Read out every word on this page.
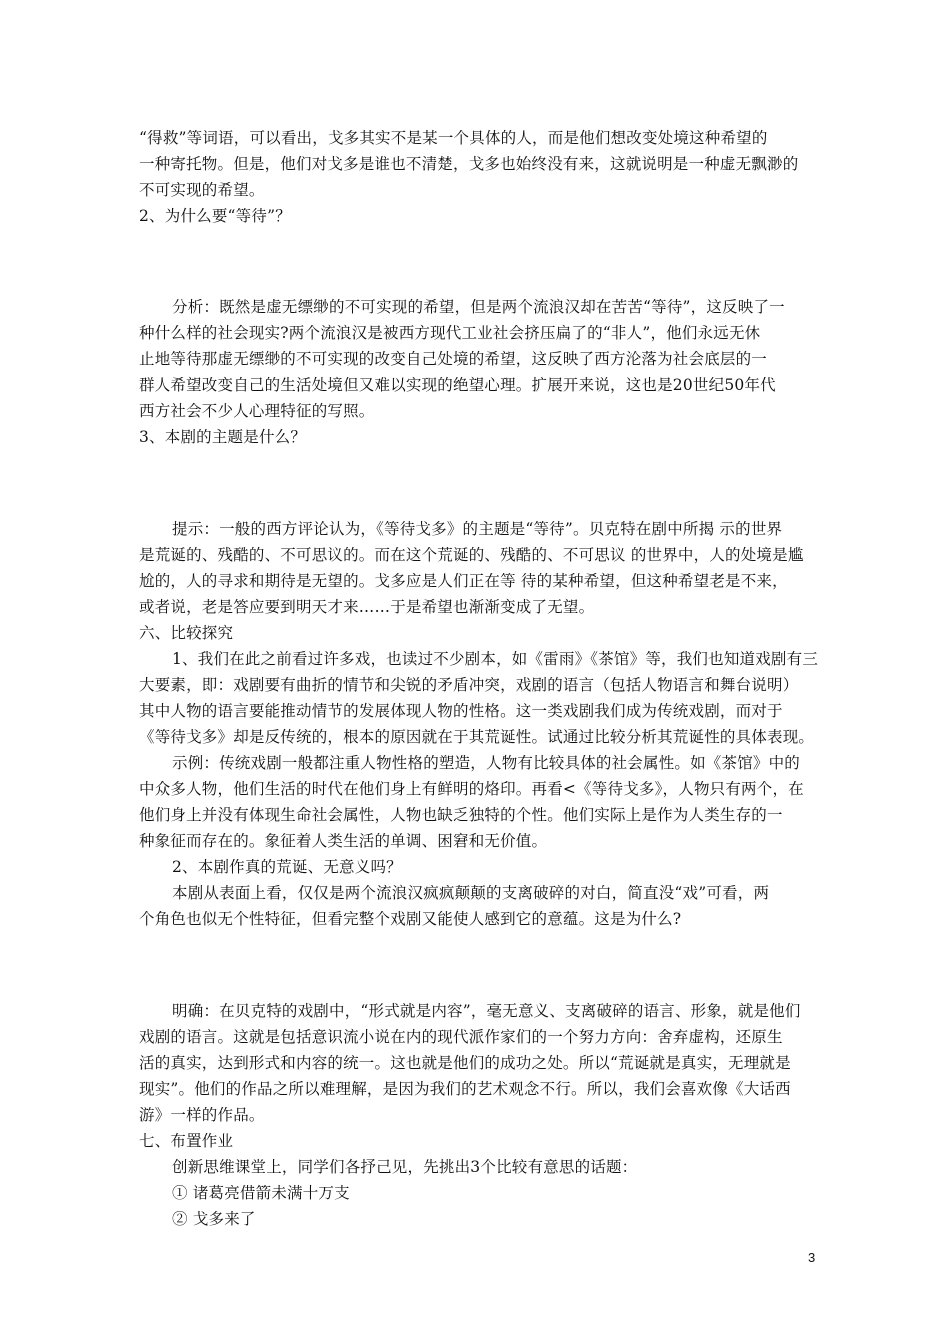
“得救”等词语，可以看出，戈多其实不是某一个具体的人，而是他们想改变处境这种希望的
一种寄托物。但是，他们对戈多是谁也不清楚，戈多也始终没有来，这就说明是一种虚无飘渺的
不可实现的希望。
2、为什么要“等待”？
分析：既然是虚无缥缈的不可实现的希望，但是两个流浪汉却在苦苦“等待”，这反映了一
种什么样的社会现实?两个流浪汉是被西方现代工业社会挤压扁了的“非人”，他们永远无休
止地等待那虚无缥缈的不可实现的改变自己处境的希望，这反映了西方沦落为社会底层的一
群人希望改变自己的生活处境但又难以实现的绝望心理。扩展开来说，这也是20世纪50年代
西方社会不少人心理特征的写照。
3、本剧的主题是什么？
提示：一般的西方评论认为，《等待戈多》的主题是“等待”。贝克特在剧中所揭 示的世界
是荒诞的、残酷的、不可思议的。而在这个荒诞的、残酷的、不可思议 的世界中，人的处境是尴
尬的，人的寻求和期待是无望的。戈多应是人们正在等 待的某种希望，但这种希望老是不来，
或者说，老是答应要到明天才来……于是希望也渐渐变成了无望。
六、比较探究
1、我们在此之前看过许多戏，也读过不少剧本，如《雷雨》《茶馆》等，我们也知道戏剧有三
大要素，即：戏剧要有曲折的情节和尖锐的矛盾冲突，戏剧的语言（包括人物语言和舞台说明）
其中人物的语言要能推动情节的发展体现人物的性格。这一类戏剧我们成为传统戏剧，而对于
《等待戈多》却是反传统的，根本的原因就在于其荒诞性。试通过比较分析其荒诞性的具体表现。
示例：传统戏剧一般都注重人物性格的塑造，人物有比较具体的社会属性。如《茶馆》中的
中众多人物，他们生活的时代在他们身上有鲜明的烙印。再看<《等待戈多》，人物只有两个，在
他们身上并没有体现生命社会属性，人物也缺乏独特的个性。他们实际上是作为人类生存的一
种象征而存在的。象征着人类生活的单调、困窘和无价值。
2、本剧作真的荒诞、无意义吗？
本剧从表面上看，仅仅是两个流浪汉疯疯颠颠的支离破碎的对白，简直没“戏”可看，两
个角色也似无个性特征，但看完整个戏剧又能使人感到它的意蕴。这是为什么?
明确：在贝克特的戏剧中，“形式就是内容”，毫无意义、支离破碎的语言、形象，就是他们
戏剧的语言。这就是包括意识流小说在内的现代派作家们的一个努力方向：舍弃虚构，还原生
活的真实，达到形式和内容的统一。这也就是他们的成功之处。所以“荒诞就是真实，无理就是
现实”。他们的作品之所以难理解，是因为我们的艺术观念不行。所以，我们会喜欢像《大话西
游》一样的作品。
七、布置作业
创新思维课堂上，同学们各抒己见，先挑出3个比较有意思的话题：
① 诸葛亮借箭未满十万支
② 戈多来了
3
